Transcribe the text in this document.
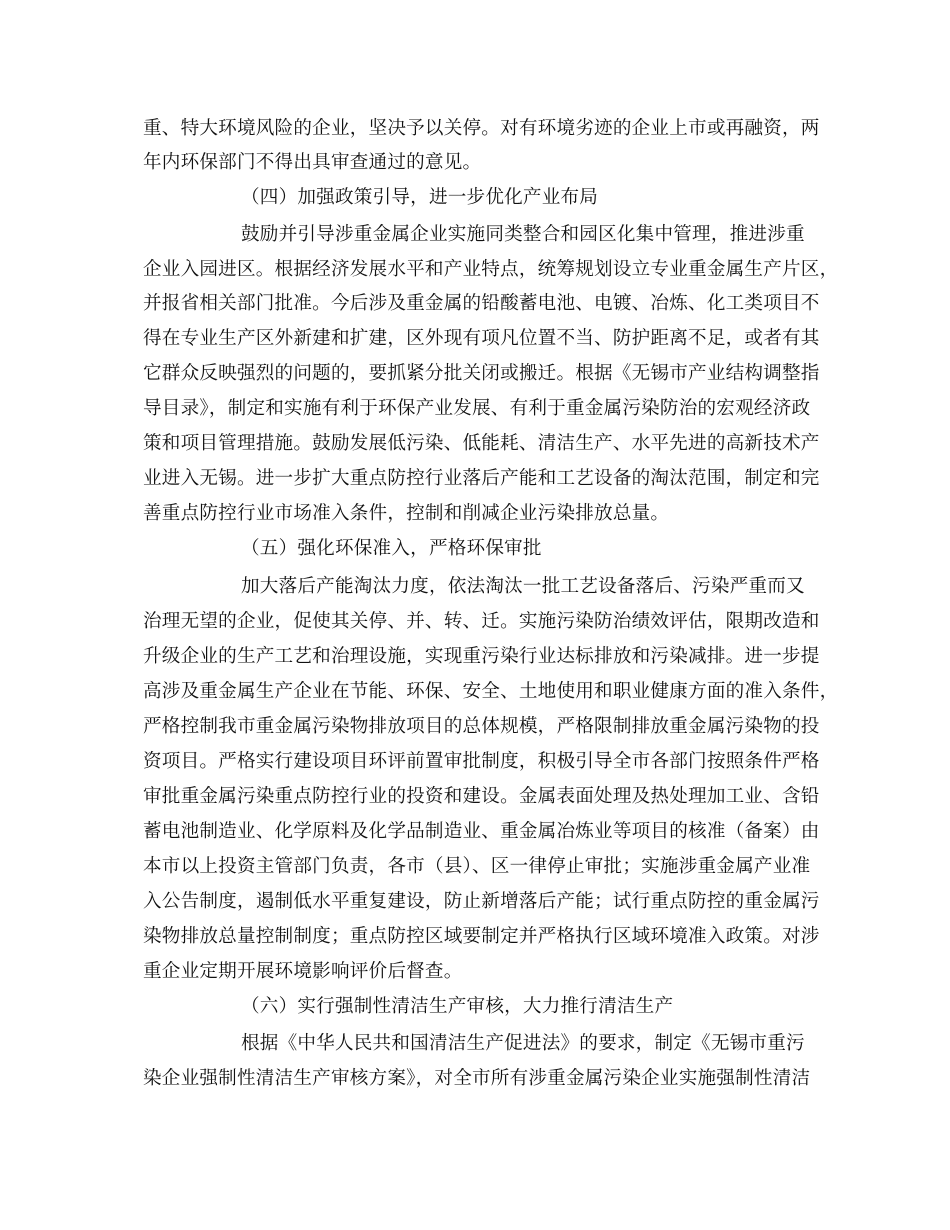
重、特大环境风险的企业，坚决予以关停。对有环境劣迹的企业上市或再融资，两
年内环保部门不得出具审查通过的意见。
（四）加强政策引导，进一步优化产业布局
鼓励并引导涉重金属企业实施同类整合和园区化集中管理，推进涉重
企业入园进区。根据经济发展水平和产业特点，统筹规划设立专业重金属生产片区，
并报省相关部门批准。今后涉及重金属的铅酸蓄电池、电镀、冶炼、化工类项目不
得在专业生产区外新建和扩建，区外现有项凡位置不当、防护距离不足，或者有其
它群众反映强烈的问题的，要抓紧分批关闭或搬迁。根据《无锡市产业结构调整指
导目录》，制定和实施有利于环保产业发展、有利于重金属污染防治的宏观经济政
策和项目管理措施。鼓励发展低污染、低能耗、清洁生产、水平先进的高新技术产
业进入无锡。进一步扩大重点防控行业落后产能和工艺设备的淘汰范围，制定和完
善重点防控行业市场准入条件，控制和削减企业污染排放总量。
（五）强化环保准入，严格环保审批
加大落后产能淘汰力度，依法淘汰一批工艺设备落后、污染严重而又
治理无望的企业，促使其关停、并、转、迁。实施污染防治绩效评估，限期改造和
升级企业的生产工艺和治理设施，实现重污染行业达标排放和污染减排。进一步提
高涉及重金属生产企业在节能、环保、安全、土地使用和职业健康方面的准入条件，
严格控制我市重金属污染物排放项目的总体规模，严格限制排放重金属污染物的投
资项目。严格实行建设项目环评前置审批制度，积极引导全市各部门按照条件严格
审批重金属污染重点防控行业的投资和建设。金属表面处理及热处理加工业、含铅
蓄电池制造业、化学原料及化学品制造业、重金属冶炼业等项目的核准（备案）由
本市以上投资主管部门负责，各市（县）、区一律停止审批；实施涉重金属产业准
入公告制度，遏制低水平重复建设，防止新增落后产能；试行重点防控的重金属污
染物排放总量控制制度；重点防控区域要制定并严格执行区域环境准入政策。对涉
重企业定期开展环境影响评价后督查。
（六）实行强制性清洁生产审核，大力推行清洁生产
根据《中华人民共和国清洁生产促进法》的要求，制定《无锡市重污
染企业强制性清洁生产审核方案》，对全市所有涉重金属污染企业实施强制性清洁
